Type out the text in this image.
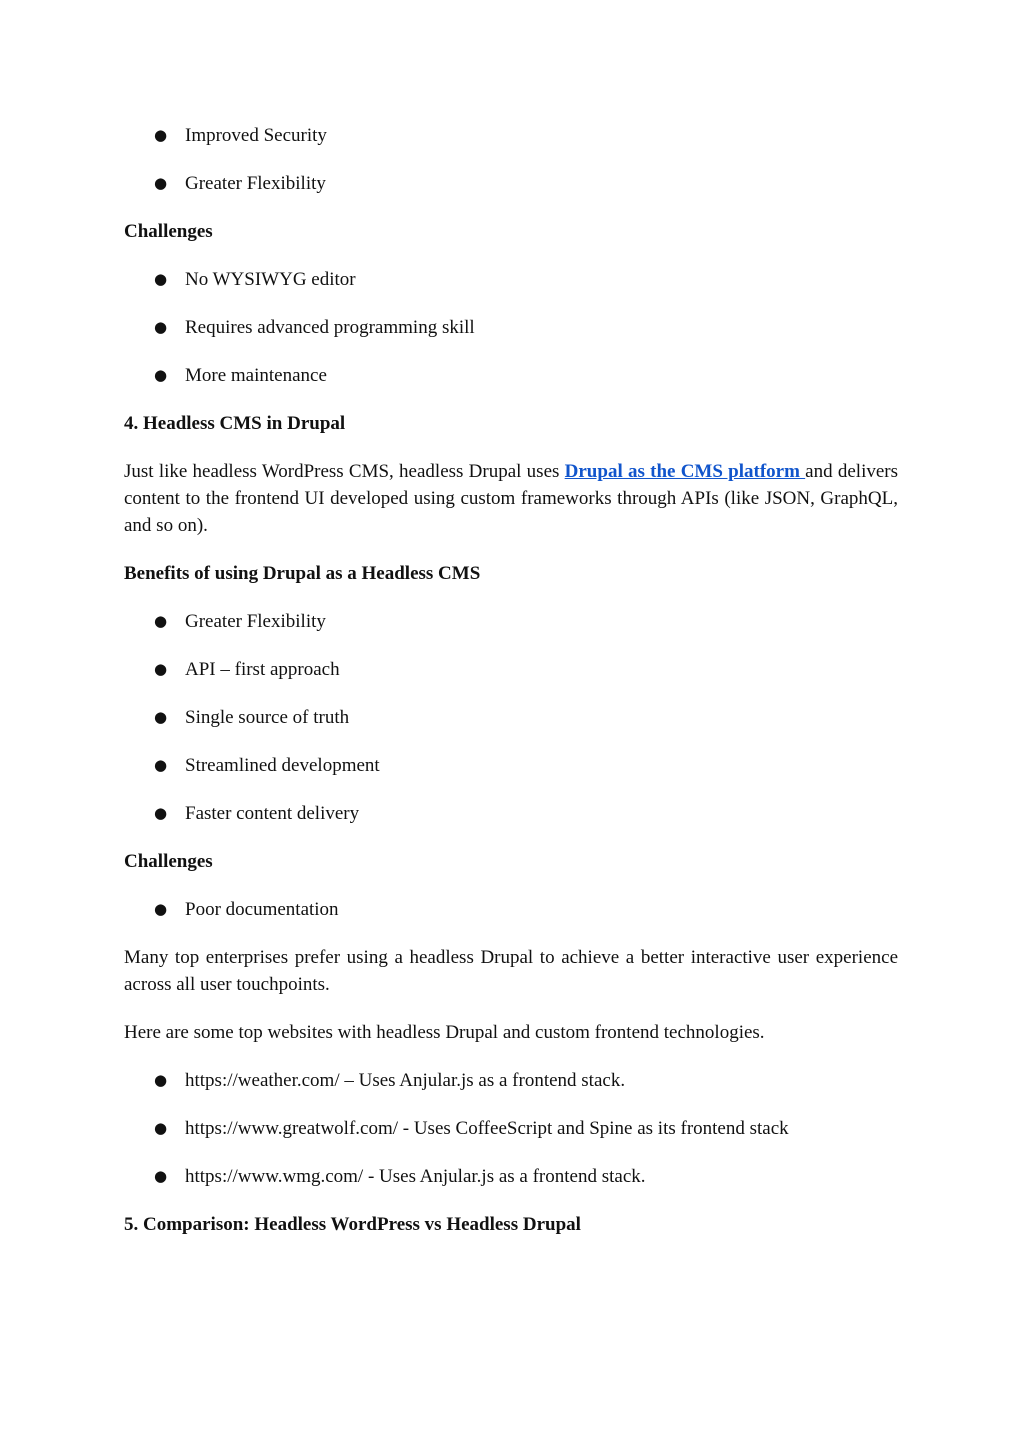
● Improved Security
● Greater Flexibility
Challenges
● No WYSIWYG editor
● Requires advanced programming skill
● More maintenance
4. Headless CMS in Drupal

Just like headless WordPress CMS, headless Drupal uses Drupal as the CMS platform and delivers content to the frontend UI developed using custom frameworks through APIs (like JSON, GraphQL, and so on).

Benefits of using Drupal as a Headless CMS
● Greater Flexibility
● API – first approach
● Single source of truth
● Streamlined development
● Faster content delivery
Challenges
● Poor documentation

Many top enterprises prefer using a headless Drupal to achieve a better interactive user experience across all user touchpoints.

Here are some top websites with headless Drupal and custom frontend technologies.

● https://weather.com/ – Uses Anjular.js as a frontend stack.
● https://www.greatwolf.com/ - Uses CoffeeScript and Spine as its frontend stack
● https://www.wmg.com/ - Uses Anjular.js as a frontend stack.
5. Comparison: Headless WordPress vs Headless Drupal
